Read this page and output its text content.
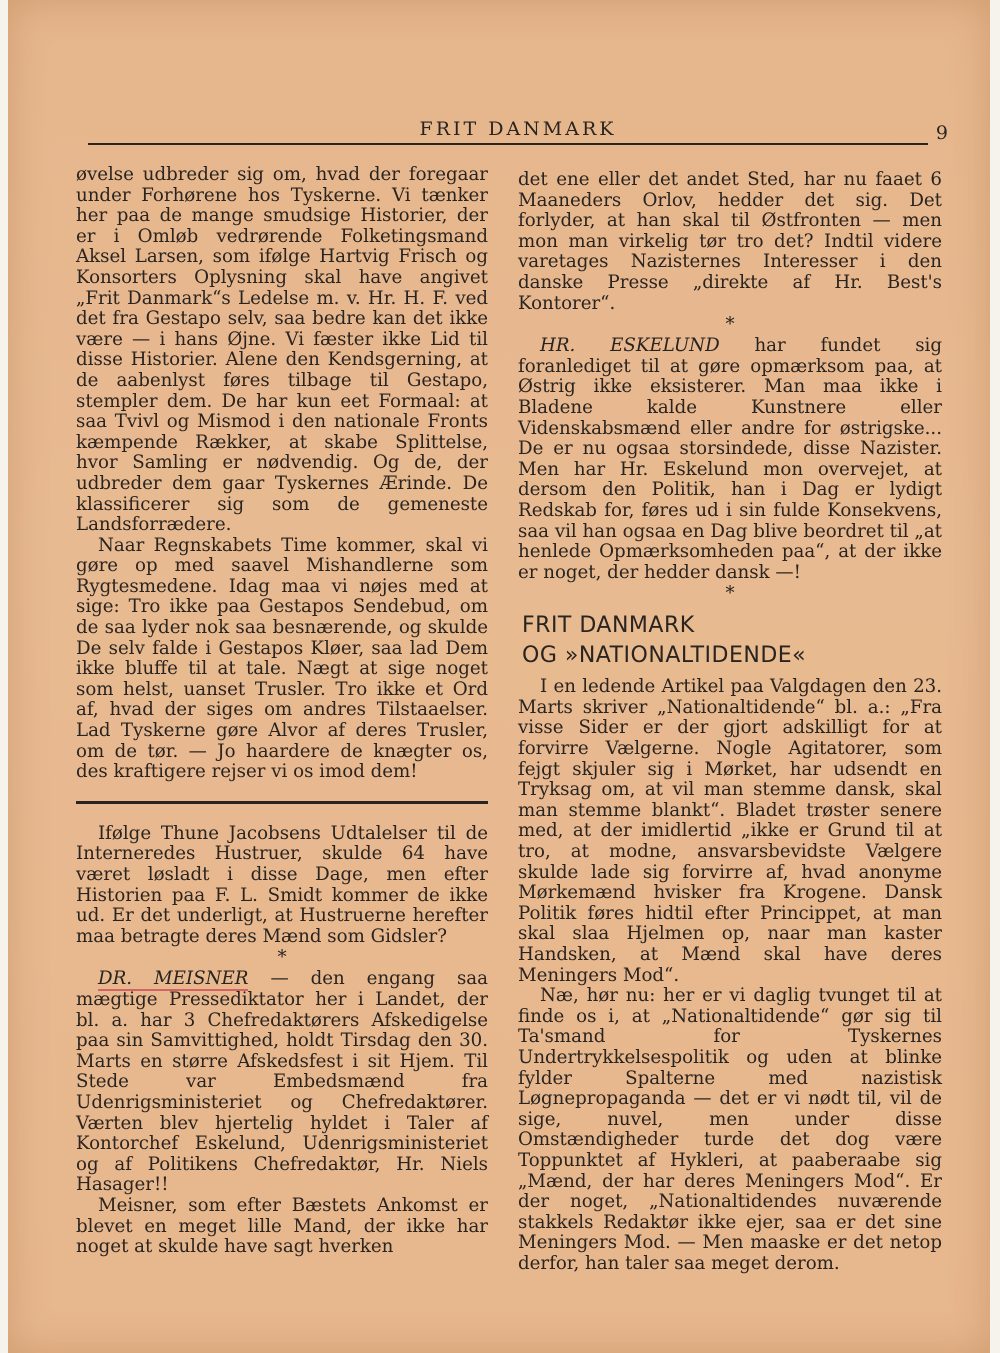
FRIT DANMARK	9

øvelse udbreder sig om, hvad der foregaar under Forhørene hos Tyskerne. Vi tænker her paa de mange smudsige Historier, der er i Omløb vedrørende Folketingsmand Aksel Larsen, som ifølge Hartvig Frisch og Konsorters Oplysning skal have angivet „Frit Danmark“s Ledelse m. v. Hr. H. F. ved det fra Gestapo selv, saa bedre kan det ikke være — i hans Øjne. Vi fæster ikke Lid til disse Historier. Alene den Kendsgerning, at de aabenlyst føres tilbage til Gestapo, stempler dem. De har kun eet Formaal: at saa Tvivl og Mismod i den nationale Fronts kæmpende Rækker, at skabe Splittelse, hvor Samling er nødvendig. Og de, der udbreder dem gaar Tyskernes Ærinde. De klassificerer sig som de gemeneste Landsforrædere.

Naar Regnskabets Time kommer, skal vi gøre op med saavel Mishandlerne som Rygtesmedene. Idag maa vi nøjes med at sige: Tro ikke paa Gestapos Sendebud, om de saa lyder nok saa besnærende, og skulde De selv falde i Gestapos Kløer, saa lad Dem ikke bluffe til at tale. Nægt at sige noget som helst, uanset Trusler. Tro ikke et Ord af, hvad der siges om andres Tilstaaelser. Lad Tyskerne gøre Alvor af deres Trusler, om de tør. — Jo haardere de knægter os, des kraftigere rejser vi os imod dem!

Ifølge Thune Jacobsens Udtalelser til de Interneredes Hustruer, skulde 64 have været løsladt i disse Dage, men efter Historien paa F. L. Smidt kommer de ikke ud. Er det underligt, at Hustruerne herefter maa betragte deres Mænd som Gidsler?

*

DR. MEISNER — den engang saa mægtige Pressediktator her i Landet, der bl. a. har 3 Chefredaktørers Afskedigelse paa sin Samvittighed, holdt Tirsdag den 30. Marts en større Afskedsfest i sit Hjem. Til Stede var Embedsmænd fra Udenrigsministeriet og Chefredaktører. Værten blev hjertelig hyldet i Taler af Kontorchef Eskelund, Udenrigsministeriet og af Politikens Chefredaktør, Hr. Niels Hasager!!

Meisner, som efter Bæstets Ankomst er blevet en meget lille Mand, der ikke har noget at skulde have sagt hverken

det ene eller det andet Sted, har nu faaet 6 Maaneders Orlov, hedder det sig. Det forlyder, at han skal til Østfronten — men mon man virkelig tør tro det? Indtil videre varetages Nazisternes Interesser i den danske Presse „direkte af Hr. Best's Kontorer“.

*

HR. ESKELUND har fundet sig foranlediget til at gøre opmærksom paa, at Østrig ikke eksisterer. Man maa ikke i Bladene kalde Kunstnere eller Videnskabsmænd eller andre for østrigske... De er nu ogsaa storsindede, disse Nazister. Men har Hr. Eskelund mon overvejet, at dersom den Politik, han i Dag er lydigt Redskab for, føres ud i sin fulde Konsekvens, saa vil han ogsaa en Dag blive beordret til „at henlede Opmærksomheden paa“, at der ikke er noget, der hedder dansk —!

*
FRIT DANMARK
OG »NATIONALTIDENDE«

I en ledende Artikel paa Valgdagen den 23. Marts skriver „Nationaltidende“ bl. a.: „Fra visse Sider er der gjort adskilligt for at forvirre Vælgerne. Nogle Agitatorer, som fejgt skjuler sig i Mørket, har udsendt en Tryksag om, at vil man stemme dansk, skal man stemme blankt“. Bladet trøster senere med, at der imidlertid „ikke er Grund til at tro, at modne, ansvarsbevidste Vælgere skulde lade sig forvirre af, hvad anonyme Mørkemænd hvisker fra Krogene. Dansk Politik føres hidtil efter Princippet, at man skal slaa Hjelmen op, naar man kaster Handsken, at Mænd skal have deres Meningers Mod“.

Næ, hør nu: her er vi daglig tvunget til at finde os i, at „Nationaltidende“ gør sig til Ta'smand for Tyskernes Undertrykkelsespolitik og uden at blinke fylder Spalterne med nazistisk Løgnepropaganda — det er vi nødt til, vil de sige, nuvel, men under disse Omstændigheder turde det dog være Toppunktet af Hykleri, at paaberaabe sig „Mænd, der har deres Meningers Mod“. Er der noget, „Nationaltidendes nuværende stakkels Redaktør ikke ejer, saa er det sine Meningers Mod. — Men maaske er det netop derfor, han taler saa meget derom.
